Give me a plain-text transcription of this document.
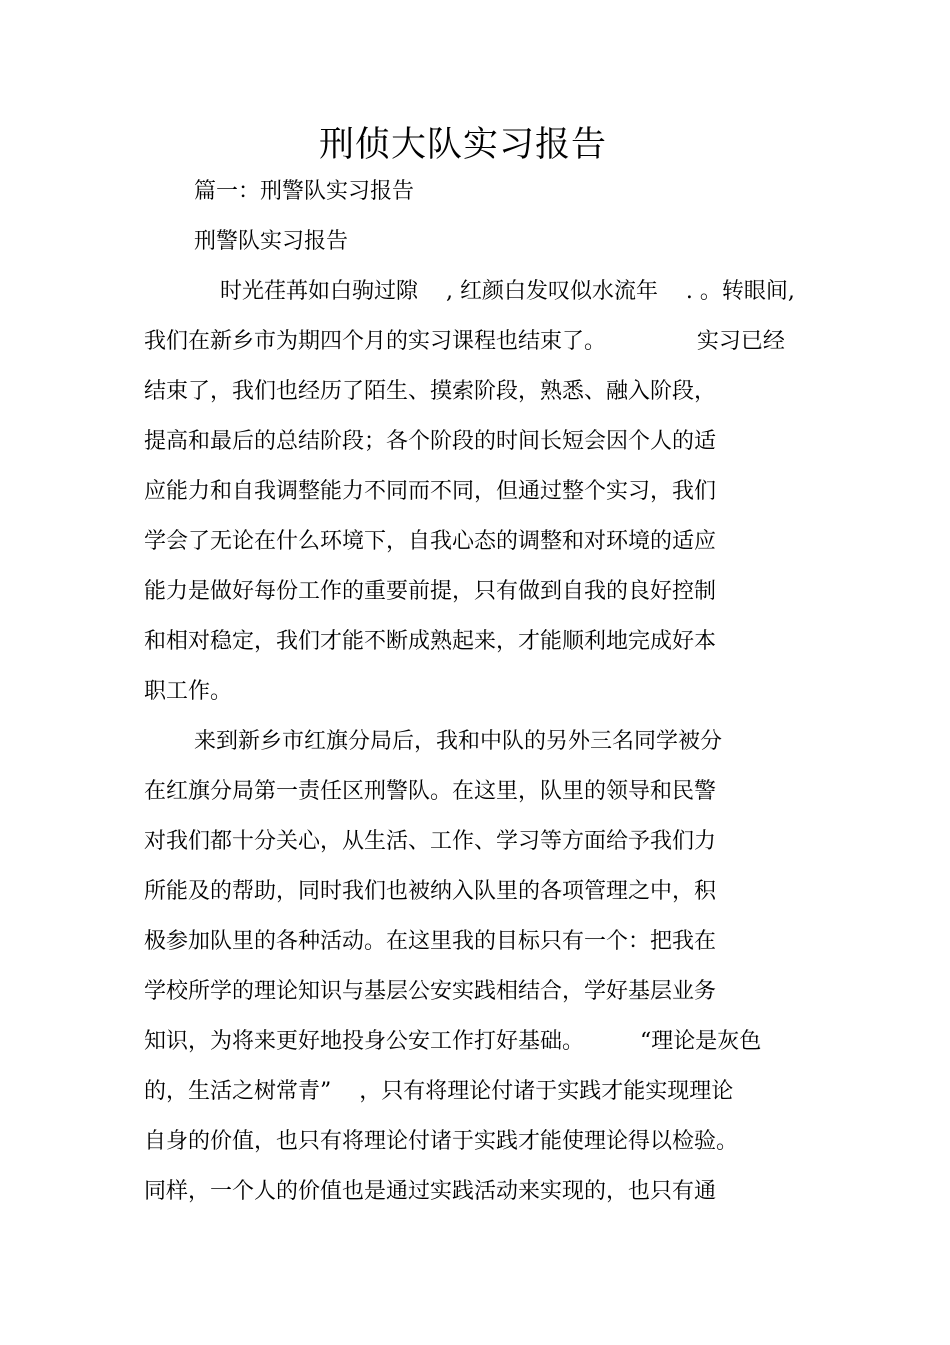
刑侦大队实习报告

篇一：刑警队实习报告

刑警队实习报告

时光荏苒如白驹过隙    , 红颜白发叹似水流年    . 。转眼间,

我们在新乡市为期四个月的实习课程也结束了。             实习已经

结束了，我们也经历了陌生、摸索阶段，熟悉、融入阶段，

提高和最后的总结阶段；各个阶段的时间长短会因个人的适

应能力和自我调整能力不同而不同，但通过整个实习，我们

学会了无论在什么环境下，自我心态的调整和对环境的适应

能力是做好每份工作的重要前提，只有做到自我的良好控制

和相对稳定，我们才能不断成熟起来，才能顺利地完成好本

职工作。

来到新乡市红旗分局后，我和中队的另外三名同学被分

在红旗分局第一责任区刑警队。在这里，队里的领导和民警

对我们都十分关心，从生活、工作、学习等方面给予我们力

所能及的帮助，同时我们也被纳入队里的各项管理之中，积

极参加队里的各种活动。在这里我的目标只有一个：把我在

学校所学的理论知识与基层公安实践相结合，学好基层业务

知识，为将来更好地投身公安工作打好基础。        “理论是灰色

的，生活之树常青”    ，只有将理论付诸于实践才能实现理论

自身的价值，也只有将理论付诸于实践才能使理论得以检验。

同样，一个人的价值也是通过实践活动来实现的，也只有通
